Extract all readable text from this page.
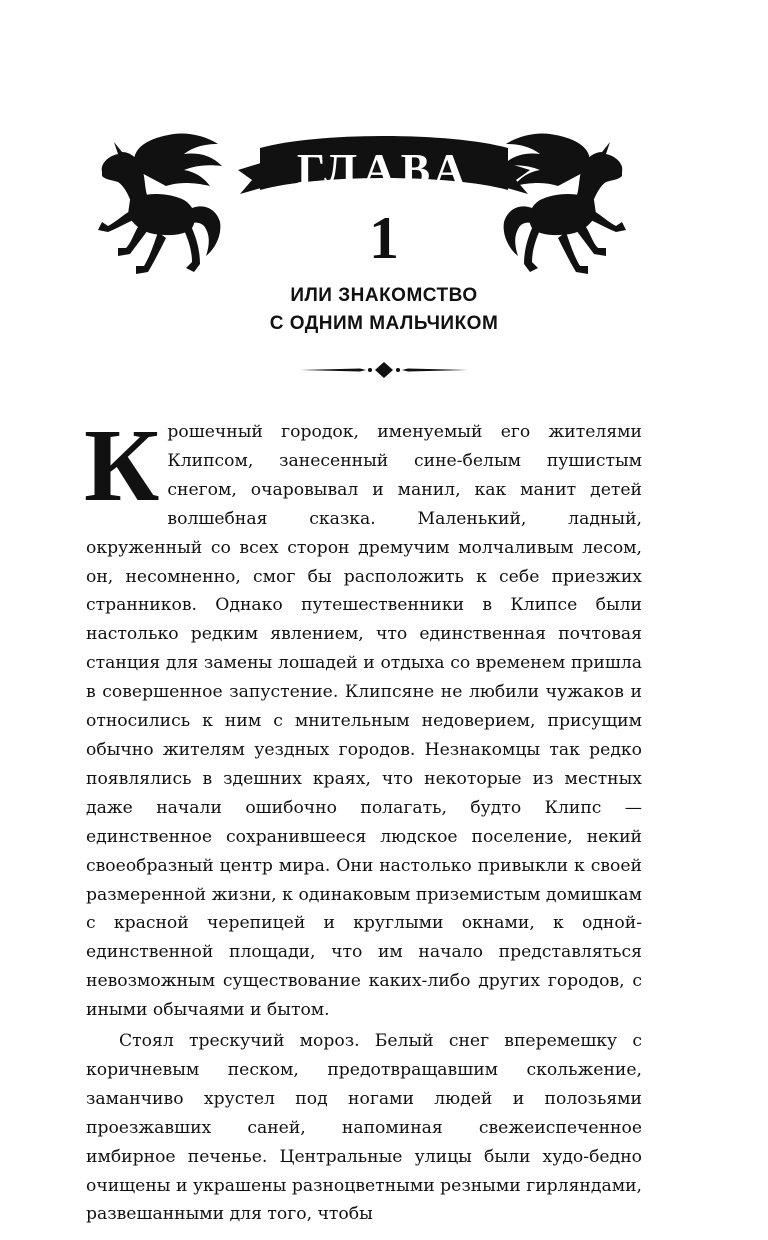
ГЛАВА
1
ИЛИ ЗНАКОМСТВО
С ОДНИМ МАЛЬЧИКОМ

Крошечный городок, именуемый его жителями Клипсом, занесенный сине-белым пушистым снегом, очаровывал и манил, как манит детей волшебная сказка. Маленький, ладный, окруженный со всех сторон дремучим молчаливым лесом, он, несомненно, смог бы расположить к себе приезжих странников. Однако путешественники в Клипсе были настолько редким явлением, что единственная почтовая станция для замены лошадей и отдыха со временем пришла в совершенное запустение. Клипсяне не любили чужаков и относились к ним с мнительным недоверием, присущим обычно жителям уездных городов. Незнакомцы так редко появлялись в здешних краях, что некоторые из местных даже начали ошибочно полагать, будто Клипс — единственное сохранившееся людское поселение, некий своеобразный центр мира. Они настолько привыкли к своей размеренной жизни, к одинаковым приземистым домишкам с красной черепицей и круглыми окнами, к одной-единственной площади, что им начало представляться невозможным существование каких-либо других городов, с иными обычаями и бытом.

Стоял трескучий мороз. Белый снег вперемешку с коричневым песком, предотвращавшим скольжение, заманчиво хрустел под ногами людей и полозьями проезжавших саней, напоминая свежеиспеченное имбирное печенье. Центральные улицы были худо-бедно очищены и украшены разноцветными резными гирляндами, развешанными для того, чтобы
